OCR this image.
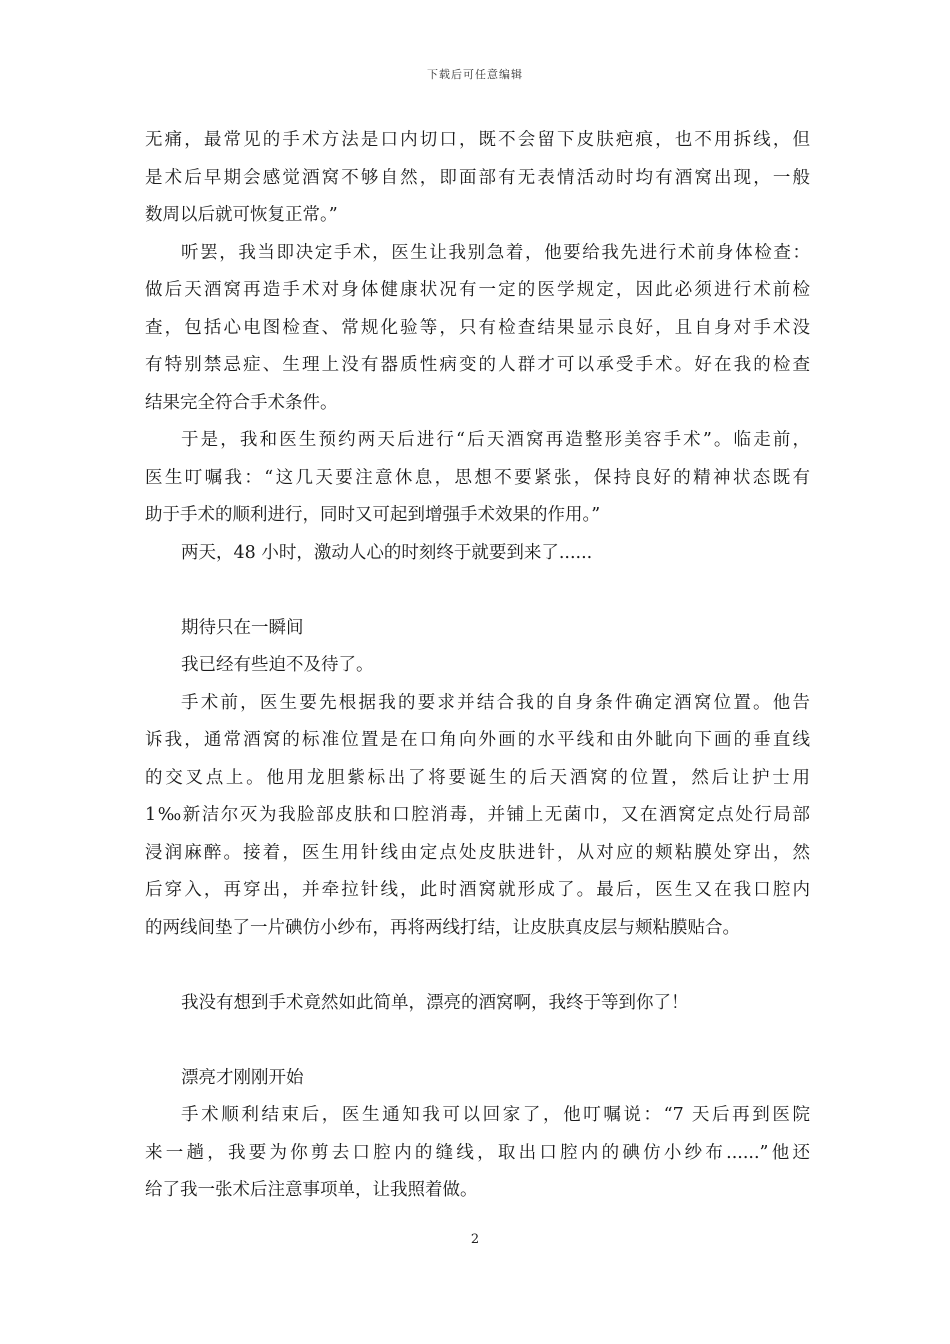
下载后可任意编辑
无痛，最常见的手术方法是口内切口，既不会留下皮肤疤痕，也不用拆线，但
是术后早期会感觉酒窝不够自然，即面部有无表情活动时均有酒窝出现，一般
数周以后就可恢复正常。”
听罢，我当即决定手术，医生让我别急着，他要给我先进行术前身体检查：
做后天酒窝再造手术对身体健康状况有一定的医学规定，因此必须进行术前检
查，包括心电图检查、常规化验等，只有检查结果显示良好，且自身对手术没
有特别禁忌症、生理上没有器质性病变的人群才可以承受手术。好在我的检查
结果完全符合手术条件。
于是，我和医生预约两天后进行“后天酒窝再造整形美容手术”。临走前，
医生叮嘱我：“这几天要注意休息，思想不要紧张，保持良好的精神状态既有
助于手术的顺利进行，同时又可起到增强手术效果的作用。”
两天，48 小时，激动人心的时刻终于就要到来了......
期待只在一瞬间
我已经有些迫不及待了。
手术前，医生要先根据我的要求并结合我的自身条件确定酒窝位置。他告
诉我，通常酒窝的标准位置是在口角向外画的水平线和由外眦向下画的垂直线
的交叉点上。他用龙胆紫标出了将要诞生的后天酒窝的位置，然后让护士用
1‰新洁尔灭为我脸部皮肤和口腔消毒，并铺上无菌巾，又在酒窝定点处行局部
浸润麻醉。接着，医生用针线由定点处皮肤进针，从对应的颊粘膜处穿出，然
后穿入，再穿出，并牵拉针线，此时酒窝就形成了。最后，医生又在我口腔内
的两线间垫了一片碘仿小纱布，再将两线打结，让皮肤真皮层与颊粘膜贴合。
我没有想到手术竟然如此简单，漂亮的酒窝啊，我终于等到你了！
漂亮才刚刚开始
手术顺利结束后，医生通知我可以回家了，他叮嘱说：“7 天后再到医院
来一趟，我要为你剪去口腔内的缝线，取出口腔内的碘仿小纱布......”他还
给了我一张术后注意事项单，让我照着做。
2
